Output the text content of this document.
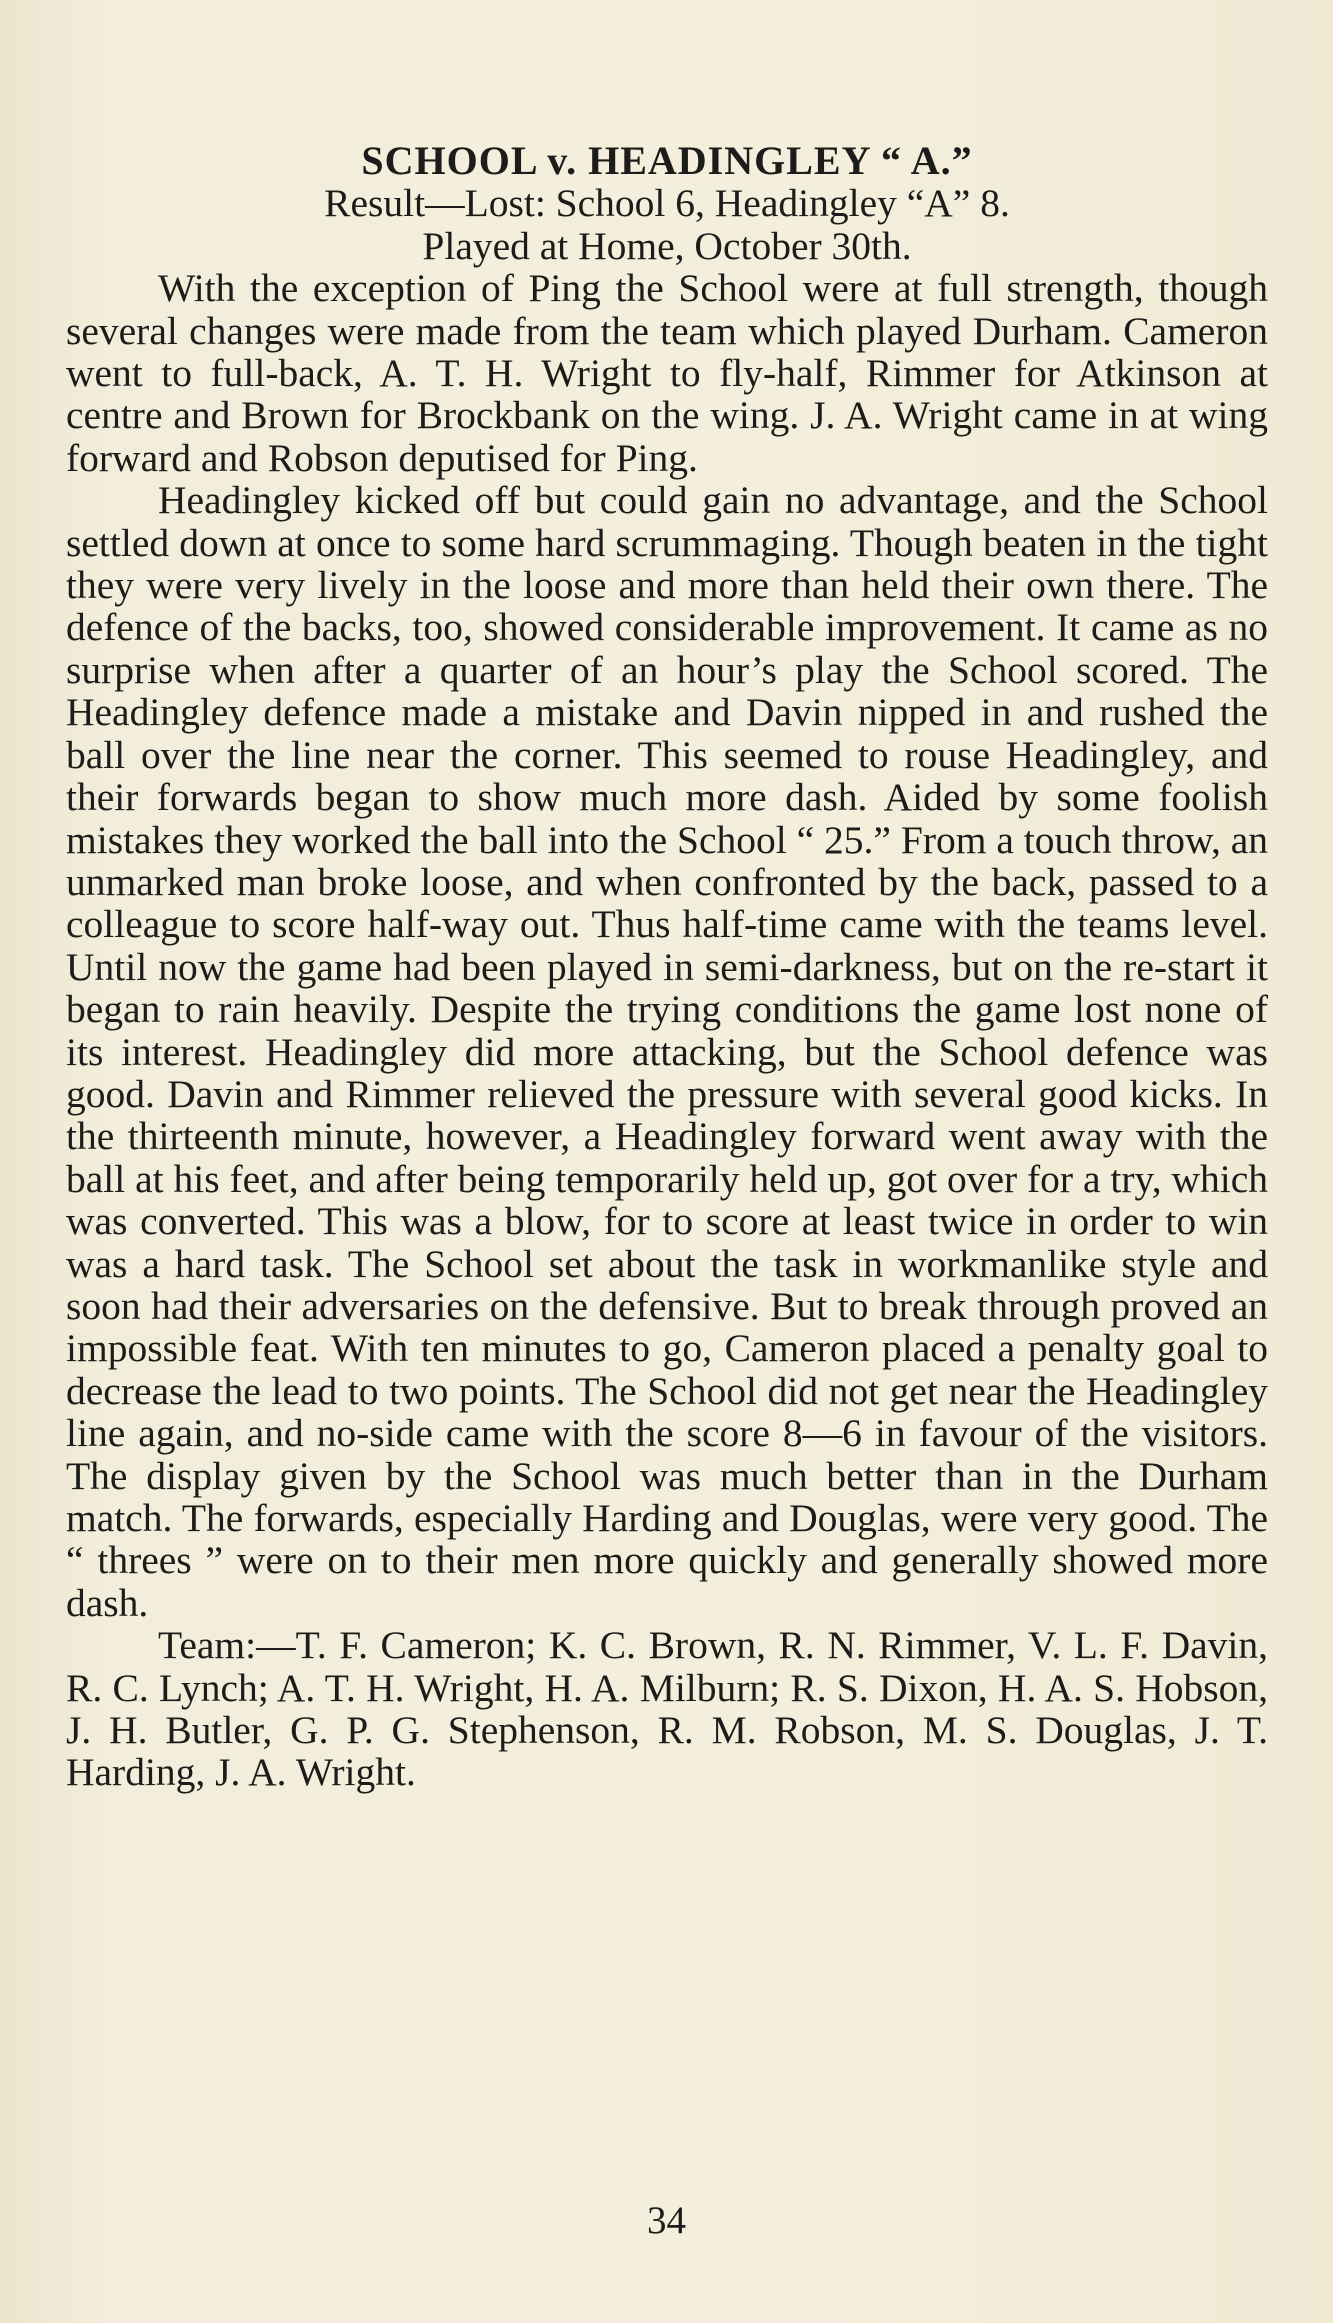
SCHOOL v. HEADINGLEY “ A.”

Result—Lost: School 6, Headingley “A” 8.

Played at Home, October 30th.

With the exception of Ping the School were at full strength, though several changes were made from the team which played Durham. Cameron went to full-back, A. T. H. Wright to fly-half, Rimmer for Atkinson at centre and Brown for Brockbank on the wing. J. A. Wright came in at wing forward and Robson deputised for Ping.

Headingley kicked off but could gain no advantage, and the School settled down at once to some hard scrummaging. Though beaten in the tight they were very lively in the loose and more than held their own there. The defence of the backs, too, showed considerable improvement. It came as no surprise when after a quarter of an hour’s play the School scored. The Headingley defence made a mistake and Davin nipped in and rushed the ball over the line near the corner. This seemed to rouse Headingley, and their forwards began to show much more dash. Aided by some foolish mistakes they worked the ball into the School “ 25.” From a touch throw, an unmarked man broke loose, and when confronted by the back, passed to a colleague to score half-way out. Thus half-time came with the teams level. Until now the game had been played in semi-darkness, but on the re-start it began to rain heavily. Despite the trying conditions the game lost none of its interest. Headingley did more attacking, but the School defence was good. Davin and Rimmer relieved the pressure with several good kicks. In the thirteenth minute, however, a Headingley forward went away with the ball at his feet, and after being temporarily held up, got over for a try, which was converted. This was a blow, for to score at least twice in order to win was a hard task. The School set about the task in workmanlike style and soon had their adversaries on the defensive. But to break through proved an impossible feat. With ten minutes to go, Cameron placed a penalty goal to decrease the lead to two points. The School did not get near the Headingley line again, and no-side came with the score 8—6 in favour of the visitors. The display given by the School was much better than in the Durham match. The forwards, especially Harding and Douglas, were very good. The “ threes ” were on to their men more quickly and generally showed more dash.

Team:—T. F. Cameron; K. C. Brown, R. N. Rimmer, V. L. F. Davin, R. C. Lynch; A. T. H. Wright, H. A. Milburn; R. S. Dixon, H. A. S. Hobson, J. H. Butler, G. P. G. Stephenson, R. M. Robson, M. S. Douglas, J. T. Harding, J. A. Wright.

34
